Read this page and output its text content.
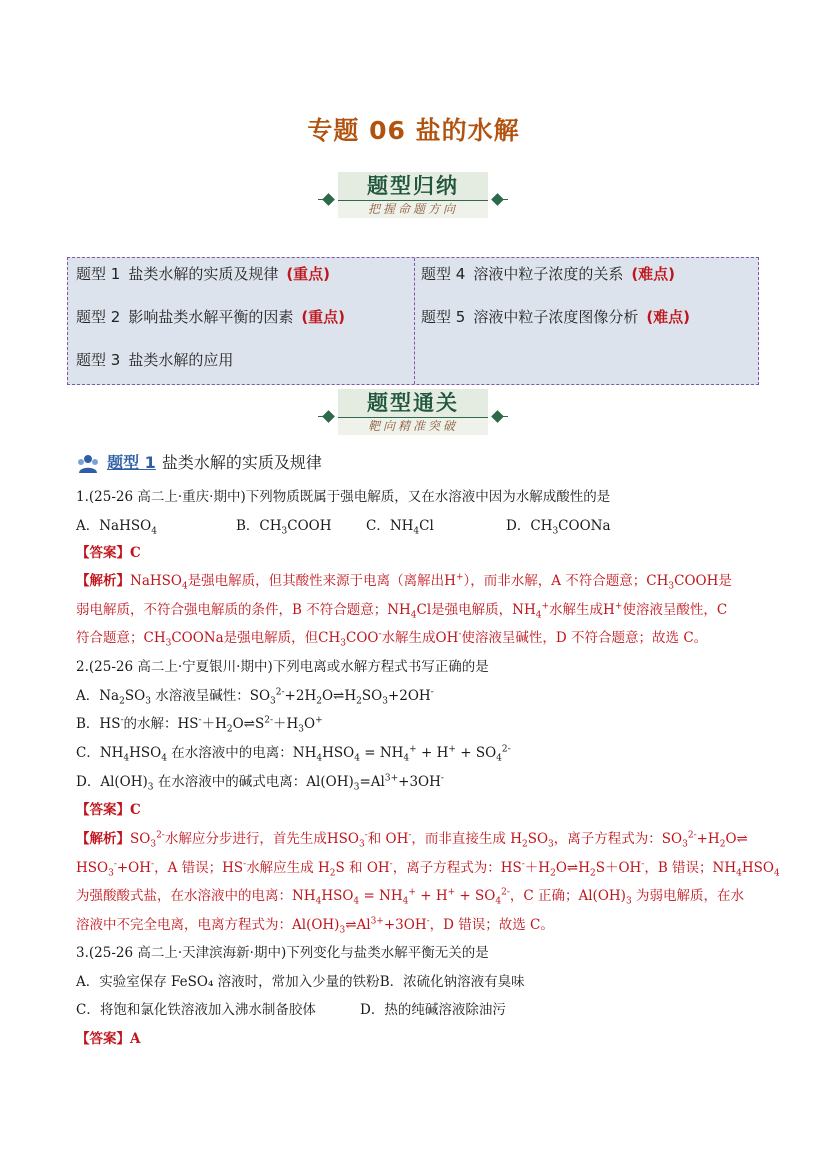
专题 06 盐的水解
题型归纳
把握命题方向
题型 1 盐类水解的实质及规律 (重点)
题型 2 影响盐类水解平衡的因素 (重点)
题型 3 盐类水解的应用
题型 4 溶液中粒子浓度的关系 (难点)
题型 5 溶液中粒子浓度图像分析 (难点)
题型通关
靶向精准突破
题型 1 盐类水解的实质及规律
1.(25-26 高二上·重庆·期中)下列物质既属于强电解质，又在水溶液中因为水解成酸性的是
A．NaHSO$_4$	B．$CH_3COOH$	C．$NH_4Cl$	D．$CH_3COONa$
【答案】C
【解析】NaHSO$_4$是强电解质，但其酸性来源于电离（离解出H+），而非水解，A 不符合题意；$CH_3COOH$是
弱电解质，不符合强电解质的条件，B 不符合题意；$NH_4Cl$是强电解质，$NH_4^+$水解生成H+使溶液呈酸性，C
符合题意；$CH_3COONa$是强电解质，但$CH_3COO^-$水解生成OH-使溶液呈碱性，D 不符合题意；故选 C。
2.(25-26 高二上·宁夏银川·期中)下列电离或水解方程式书写正确的是
A．$Na_2SO_3$ 水溶液呈碱性：$SO_3^{2-}+2H_2O\rightleftharpoons H_2SO_3+2OH^-$
B．HS-的水解：$HS^-+H_2O\rightleftharpoons S^{2-}+H_3O^+$
C．$NH_4HSO_4$ 在水溶液中的电离：$NH_4HSO_4 = NH_4^+ + H^+ + SO_4^{2-}$
D．$Al(OH)_3$ 在水溶液中的碱式电离：$Al(OH)_3=Al^{3+}+3OH^-$
【答案】C
【解析】$SO_3^{2-}$水解应分步进行，首先生成$HSO_3^-$和 OH-，而非直接生成 $H_2SO_3$，离子方程式为：$SO_3^{2-}+H_2O\rightleftharpoons$
$HSO_3^-+OH^-$，A 错误；HS-水解应生成 $H_2S$ 和 OH-，离子方程式为：$HS^-+H_2O\rightleftharpoons H_2S+OH^-$，B 错误；$NH_4HSO_4$
为强酸酸式盐，在水溶液中的电离：$NH_4HSO_4 = NH_4^+ + H^+ + SO_4^{2-}$，C 正确；$Al(OH)_3$ 为弱电解质，在水
溶液中不完全电离，电离方程式为：$Al(OH)_3\rightleftharpoons Al^{3+}+3OH^-$，D 错误；故选 C。
3.(25-26 高二上·天津滨海新·期中)下列变化与盐类水解平衡无关的是
A．实验室保存 FeSO₄ 溶液时，常加入少量的铁粉B．浓硫化钠溶液有臭味
C．将饱和氯化铁溶液加入沸水制备胶体	D．热的纯碱溶液除油污
【答案】A
